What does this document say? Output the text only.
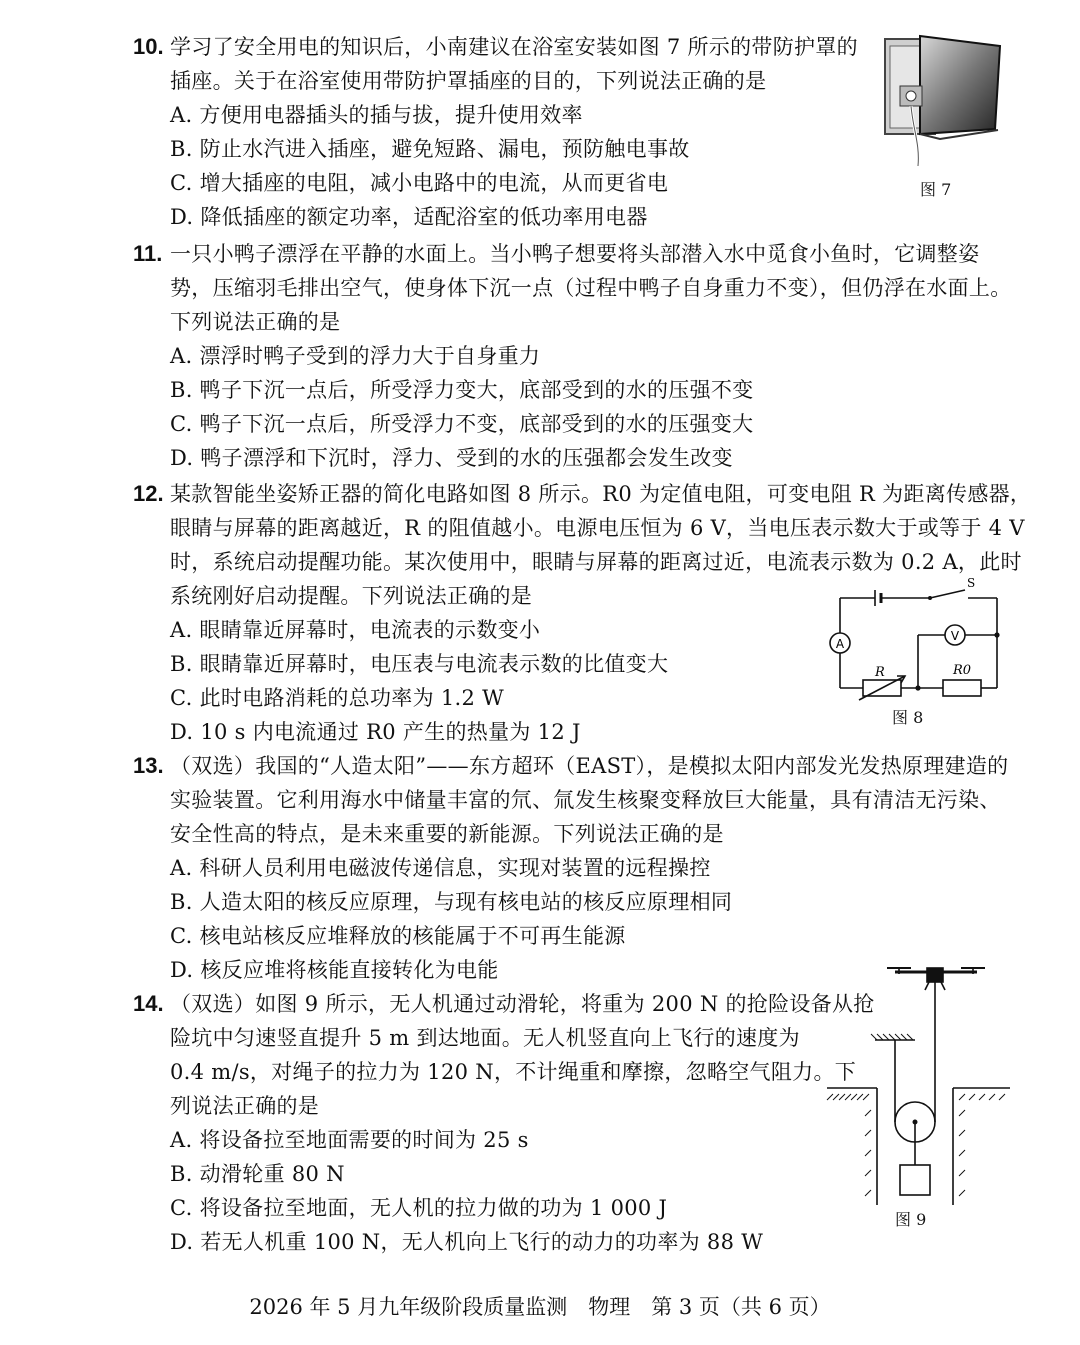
10. 学习了安全用电的知识后，小南建议在浴室安装如图 7 所示的带防护罩的
插座。关于在浴室使用带防护罩插座的目的，下列说法正确的是
A. 方便用电器插头的插与拔，提升使用效率
B. 防止水汽进入插座，避免短路、漏电，预防触电事故
C. 增大插座的电阻，减小电路中的电流，从而更省电
D. 降低插座的额定功率，适配浴室的低功率用电器
图 7
11. 一只小鸭子漂浮在平静的水面上。当小鸭子想要将头部潜入水中觅食小鱼时，它调整姿
势，压缩羽毛排出空气，使身体下沉一点（过程中鸭子自身重力不变），但仍浮在水面上。
下列说法正确的是
A. 漂浮时鸭子受到的浮力大于自身重力
B. 鸭子下沉一点后，所受浮力变大，底部受到的水的压强不变
C. 鸭子下沉一点后，所受浮力不变，底部受到的水的压强变大
D. 鸭子漂浮和下沉时，浮力、受到的水的压强都会发生改变
12. 某款智能坐姿矫正器的简化电路如图 8 所示。R0 为定值电阻，可变电阻 R 为距离传感器，
眼睛与屏幕的距离越近，R 的阻值越小。电源电压恒为 6 V，当电压表示数大于或等于 4 V
时，系统启动提醒功能。某次使用中，眼睛与屏幕的距离过近，电流表示数为 0.2 A，此时
系统刚好启动提醒。下列说法正确的是
A. 眼睛靠近屏幕时，电流表的示数变小
B. 眼睛靠近屏幕时，电压表与电流表示数的比值变大
C. 此时电路消耗的总功率为 1.2 W
D. 10 s 内电流通过 R0 产生的热量为 12 J
S
A
V
R	R0
图 8
13. （双选）我国的“人造太阳”——东方超环（EAST），是模拟太阳内部发光发热原理建造的
实验装置。它利用海水中储量丰富的氘、氚发生核聚变释放巨大能量，具有清洁无污染、
安全性高的特点，是未来重要的新能源。下列说法正确的是
A. 科研人员利用电磁波传递信息，实现对装置的远程操控
B. 人造太阳的核反应原理，与现有核电站的核反应原理相同
C. 核电站核反应堆释放的核能属于不可再生能源
D. 核反应堆将核能直接转化为电能
14. （双选）如图 9 所示，无人机通过动滑轮，将重为 200 N 的抢险设备从抢
险坑中匀速竖直提升 5 m 到达地面。无人机竖直向上飞行的速度为
0.4 m/s，对绳子的拉力为 120 N，不计绳重和摩擦，忽略空气阻力。下
列说法正确的是
A. 将设备拉至地面需要的时间为 25 s
B. 动滑轮重 80 N
C. 将设备拉至地面，无人机的拉力做的功为 1 000 J
D. 若无人机重 100 N，无人机向上飞行的动力的功率为 88 W
图 9
2026 年 5 月九年级阶段质量监测　物理　第 3 页（共 6 页）
